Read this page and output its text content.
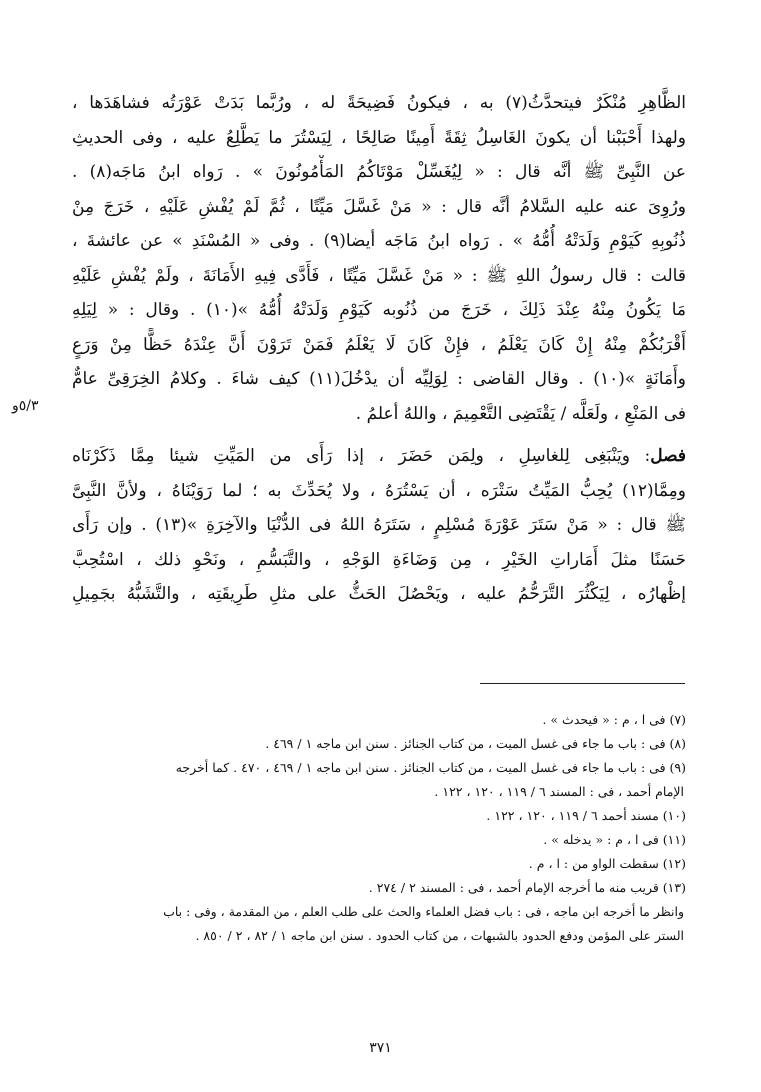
الظَّاهِرِ مُنْكَرٌ فيتحدَّثُ(٧) به ، فيكونُ فَضِيحَةً له ، ورُبَّما بَدَتْ عَوْرَتُه فشاهَدَها ،
ولهذا أَحْبَبْنا أن يكونَ الغَاسِلُ ثِقَةً أَمِينًا صَالِحًا ، لِيَسْتُرَ ما يَطَّلِعُ عليه ، وفى الحديثِ
عن النَّبِىِّ ﷺ أنَّه قال : « لِيُغَسِّلْ مَوْتَاكُمُ المَأْمُونُونَ » . رَواه ابنُ مَاجَه(٨) .
ورُوِىَ عنه عليه السَّلامُ أنَّه قال : « مَنْ غَسَّلَ مَيِّتًا ، ثُمَّ لَمْ يُفْشِ عَلَيْهِ ، خَرَجَ مِنْ
ذُنُوبِهِ كَيَوْمِ وَلَدَتْهُ أُمُّهُ » . رَواه ابنُ مَاجَه أيضا(٩) . وفى « المُسْنَدِ » عن عائشةَ ،
قالت : قال رسولُ اللهِ ﷺ : « مَنْ غَسَّلَ مَيِّتًا ، فَأَدَّى فِيهِ الأَمَانَةَ ، ولَمْ يُفْشِ عَلَيْهِ
مَا يَكُونُ مِنْهُ عِنْدَ ذَلِكَ ، خَرَجَ من ذُنُوبه كَيَوْمِ وَلَدَتْهُ أُمُّهُ »(١٠) . وقال : « لِيَلِهِ
أَقْرَبُكُمْ مِنْهُ إِنْ كَانَ يَعْلَمُ ، فإِنْ كَانَ لَا يَعْلَمُ فَمَنْ تَرَوْنَ أَنَّ عِنْدَهُ حَظًّا مِنْ وَرَعٍ
وأَمَانَةٍ »(١٠) . وقال القاضى : لِوَلِيِّه أن يدْخُلَ(١١) كيف شاءَ . وكلامُ الخِرَقِىِّ عامٌّ
فى المَنْعِ ، ولَعَلَّه / يَقْتَضِى التَّعْمِيمَ ، واللهُ أعلمُ .
فصل: ويَنْبَغِى لِلغاسِلِ ، ولِمَن حَضَرَ ، إذا رَأَى من المَيِّتِ شيئا مِمَّا ذَكَرْنَاه
ومِمَّا(١٢) يُحِبُّ المَيِّتُ سَتْرَه ، أن يَسْتُرَهُ ، ولا يُحَدِّثَ به ؛ لما رَوَيْنَاهُ ، ولأنَّ النَّبِىَّ
ﷺ قال : « مَنْ سَتَرَ عَوْرَةَ مُسْلِمٍ ، سَتَرَهُ اللهُ فى الدُّنْيَا والآخِرَةِ »(١٣) . وإن رَأَى
حَسَنًا مثلَ أَمَاراتِ الخَيْرِ ، مِن وَضَاءَةِ الوَجْهِ ، والتَّبَسُّمِ ، ونَحْوِ ذلك ، اسْتُحِبَّ
إظْهارُه ، لِيَكْثُرَ التَّرَحُّمُ عليه ، ويَحْصُلَ الحَثُّ على مثلِ طَرِيقَتِه ، والتَّشَبُّهُ بجَمِيلِ
٥/٣و
(٧) فى ا ، م : « فيحدث » .
(٨) فى : باب ما جاء فى غسل الميت ، من كتاب الجنائز . سنن ابن ماجه ١ / ٤٦٩ .
(٩) فى : باب ما جاء فى غسل الميت ، من كتاب الجنائز . سنن ابن ماجه ١ / ٤٦٩ ، ٤٧٠ . كما أخرجه
الإمام أحمد ، فى : المسند ٦ / ١١٩ ، ١٢٠ ، ١٢٢ .
(١٠) مسند أحمد ٦ / ١١٩ ، ١٢٠ ، ١٢٢ .
(١١) فى ا ، م : « يدخله » .
(١٢) سقطت الواو من : ا ، م .
(١٣) قريب منه ما أخرجه الإمام أحمد ، فى : المسند ٢ / ٢٧٤ .
وانظر ما أخرجه ابن ماجه ، فى : باب فضل العلماء والحث على طلب العلم ، من المقدمة ، وفى : باب
الستر على المؤمن ودفع الحدود بالشبهات ، من كتاب الحدود . سنن ابن ماجه ١ / ٨٢ ، ٢ / ٨٥٠ .
٣٧١
